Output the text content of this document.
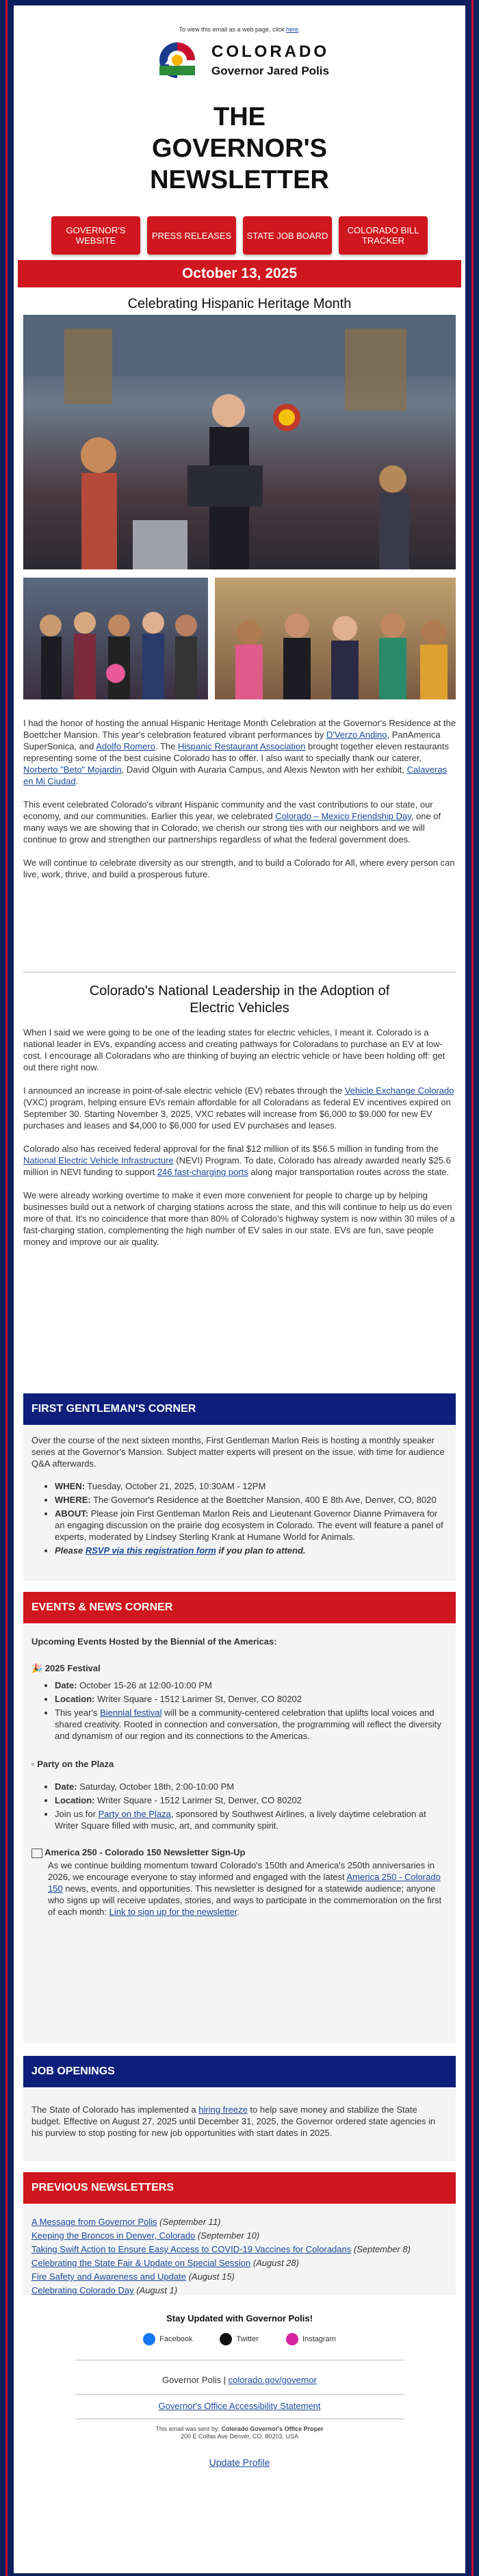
To view this email as a web page, click here.
COLORADO
Governor Jared Polis
THE GOVERNOR'S NEWSLETTER
GOVERNOR'S WEBSITE	PRESS RELEASES	STATE JOB BOARD	COLORADO BILL TRACKER
October 13, 2025
Celebrating Hispanic Heritage Month

I had the honor of hosting the annual Hispanic Heritage Month Celebration at the Governor's Residence at the Boettcher Mansion. This year's celebration featured vibrant performances by D'Verzo Andino, PanAmerica SuperSonica, and Adolfo Romero. The Hispanic Restaurant Association brought together eleven restaurants representing some of the best cuisine Colorado has to offer. I also want to specially thank our caterer, Norberto "Beto" Mojardin, David Olguin with Auraria Campus, and Alexis Newton with her exhibit, Calaveras en Mi Ciudad.

This event celebrated Colorado's vibrant Hispanic community and the vast contributions to our state, our economy, and our communities. Earlier this year, we celebrated Colorado – Mexico Friendship Day, one of many ways we are showing that in Colorado, we cherish our strong ties with our neighbors and we will continue to grow and strengthen our partnerships regardless of what the federal government does.

We will continue to celebrate diversity as our strength, and to build a Colorado for All, where every person can live, work, thrive, and build a prosperous future.

Colorado's National Leadership in the Adoption of Electric Vehicles

When I said we were going to be one of the leading states for electric vehicles, I meant it. Colorado is a national leader in EVs, expanding access and creating pathways for Coloradans to purchase an EV at low-cost. I encourage all Coloradans who are thinking of buying an electric vehicle or have been holding off: get out there right now.

I announced an increase in point-of-sale electric vehicle (EV) rebates through the Vehicle Exchange Colorado (VXC) program, helping ensure EVs remain affordable for all Coloradans as federal EV incentives expired on September 30. Starting November 3, 2025, VXC rebates will increase from $6,000 to $9,000 for new EV purchases and leases and $4,000 to $6,000 for used EV purchases and leases.

Colorado also has received federal approval for the final $12 million of its $56.5 million in funding from the National Electric Vehicle Infrastructure (NEVI) Program. To date, Colorado has already awarded nearly $25.6 million in NEVI funding to support 246 fast-charging ports along major transportation routes across the state.

We were already working overtime to make it even more convenient for people to charge up by helping businesses build out a network of charging stations across the state, and this will continue to help us do even more of that. It's no coincidence that more than 80% of Colorado's highway system is now within 30 miles of a fast-charging station, complementing the high number of EV sales in our state. EVs are fun, save people money and improve our air quality.

FIRST GENTLEMAN'S CORNER
Over the course of the next sixteen months, First Gentleman Marlon Reis is hosting a monthly speaker series at the Governor's Mansion. Subject matter experts will present on the issue, with time for audience Q&A afterwards.
• WHEN: Tuesday, October 21, 2025, 10:30AM - 12PM
• WHERE: The Governor's Residence at the Boettcher Mansion, 400 E 8th Ave, Denver, CO, 8020
• ABOUT: Please join First Gentleman Marlon Reis and Lieutenant Governor Dianne Primavera for an engaging discussion on the prairie dog ecosystem in Colorado. The event will feature a panel of experts, moderated by Lindsey Sterling Krank at Humane World for Animals.
• Please RSVP via this registration form if you plan to attend.
EVENTS & NEWS CORNER
Upcoming Events Hosted by the Biennial of the Americas:
🎉 2025 Festival
• Date: October 15-26 at 12:00-10:00 PM
• Location: Writer Square - 1512 Larimer St, Denver, CO 80202
• This year's Biennial festival will be a community-centered celebration that uplifts local voices and shared creativity. Rooted in connection and conversation, the programming will reflect the diversity and dynamism of our region and its connections to the Americas.
▫ Party on the Plaza
• Date: Saturday, October 18th, 2:00-10:00 PM
• Location: Writer Square - 1512 Larimer St, Denver, CO 80202
• Join us for Party on the Plaza, sponsored by Southwest Airlines, a lively daytime celebration at Writer Square filled with music, art, and community spirit.
America 250 - Colorado 150 Newsletter Sign-Up
As we continue building momentum toward Colorado's 150th and America's 250th anniversaries in 2026, we encourage everyone to stay informed and engaged with the latest America 250 - Colorado 150 news, events, and opportunities. This newsletter is designed for a statewide audience; anyone who signs up will receive updates, stories, and ways to participate in the commemoration on the first of each month: Link to sign up for the newsletter.
JOB OPENINGS
The State of Colorado has implemented a hiring freeze to help save money and stabilize the State budget. Effective on August 27, 2025 until December 31, 2025, the Governor ordered state agencies in his purview to stop posting for new job opportunities with start dates in 2025.
PREVIOUS NEWSLETTERS
A Message from Governor Polis (September 11)
Keeping the Broncos in Denver, Colorado (September 10)
Taking Swift Action to Ensure Easy Access to COVID-19 Vaccines for Coloradans (September 8)
Celebrating the State Fair & Update on Special Session (August 28)
Fire Safety and Awareness and Update (August 15)
Celebrating Colorado Day (August 1)
Stay Updated with Governor Polis!
Facebook	Twitter	Instagram
Governor Polis | colorado.gov/governor
Governor's Office Accessibility Statement
This email was sent by: Colorado Governor's Office Proper
200 E Colfax Ave Denver, CO, 80203, USA
Update Profile
